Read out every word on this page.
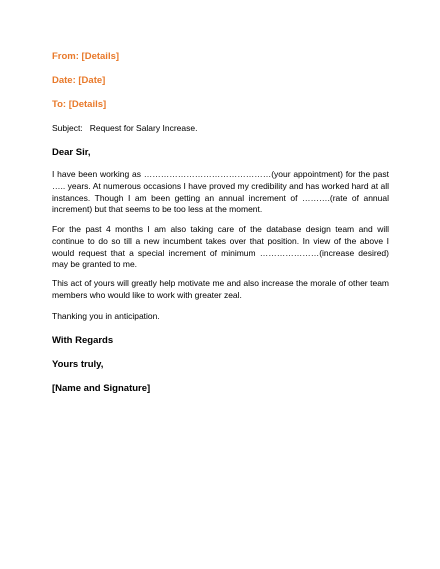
From: [Details]
Date: [Date]
To: [Details]
Subject: Request for Salary Increase.
Dear Sir,

I have been working as ………………………………………(your appointment) for the past ….. years. At numerous occasions I have proved my credibility and has worked hard at all instances. Though I am been getting an annual increment of ……….(rate of annual increment) but that seems to be too less at the moment.

For the past 4 months I am also taking care of the database design team and will continue to do so till a new incumbent takes over that position. In view of the above I would request that a special increment of minimum …………………(increase desired) may be granted to me.

This act of yours will greatly help motivate me and also increase the morale of other team members who would like to work with greater zeal.

Thanking you in anticipation.

With Regards
Yours truly,
[Name and Signature]
